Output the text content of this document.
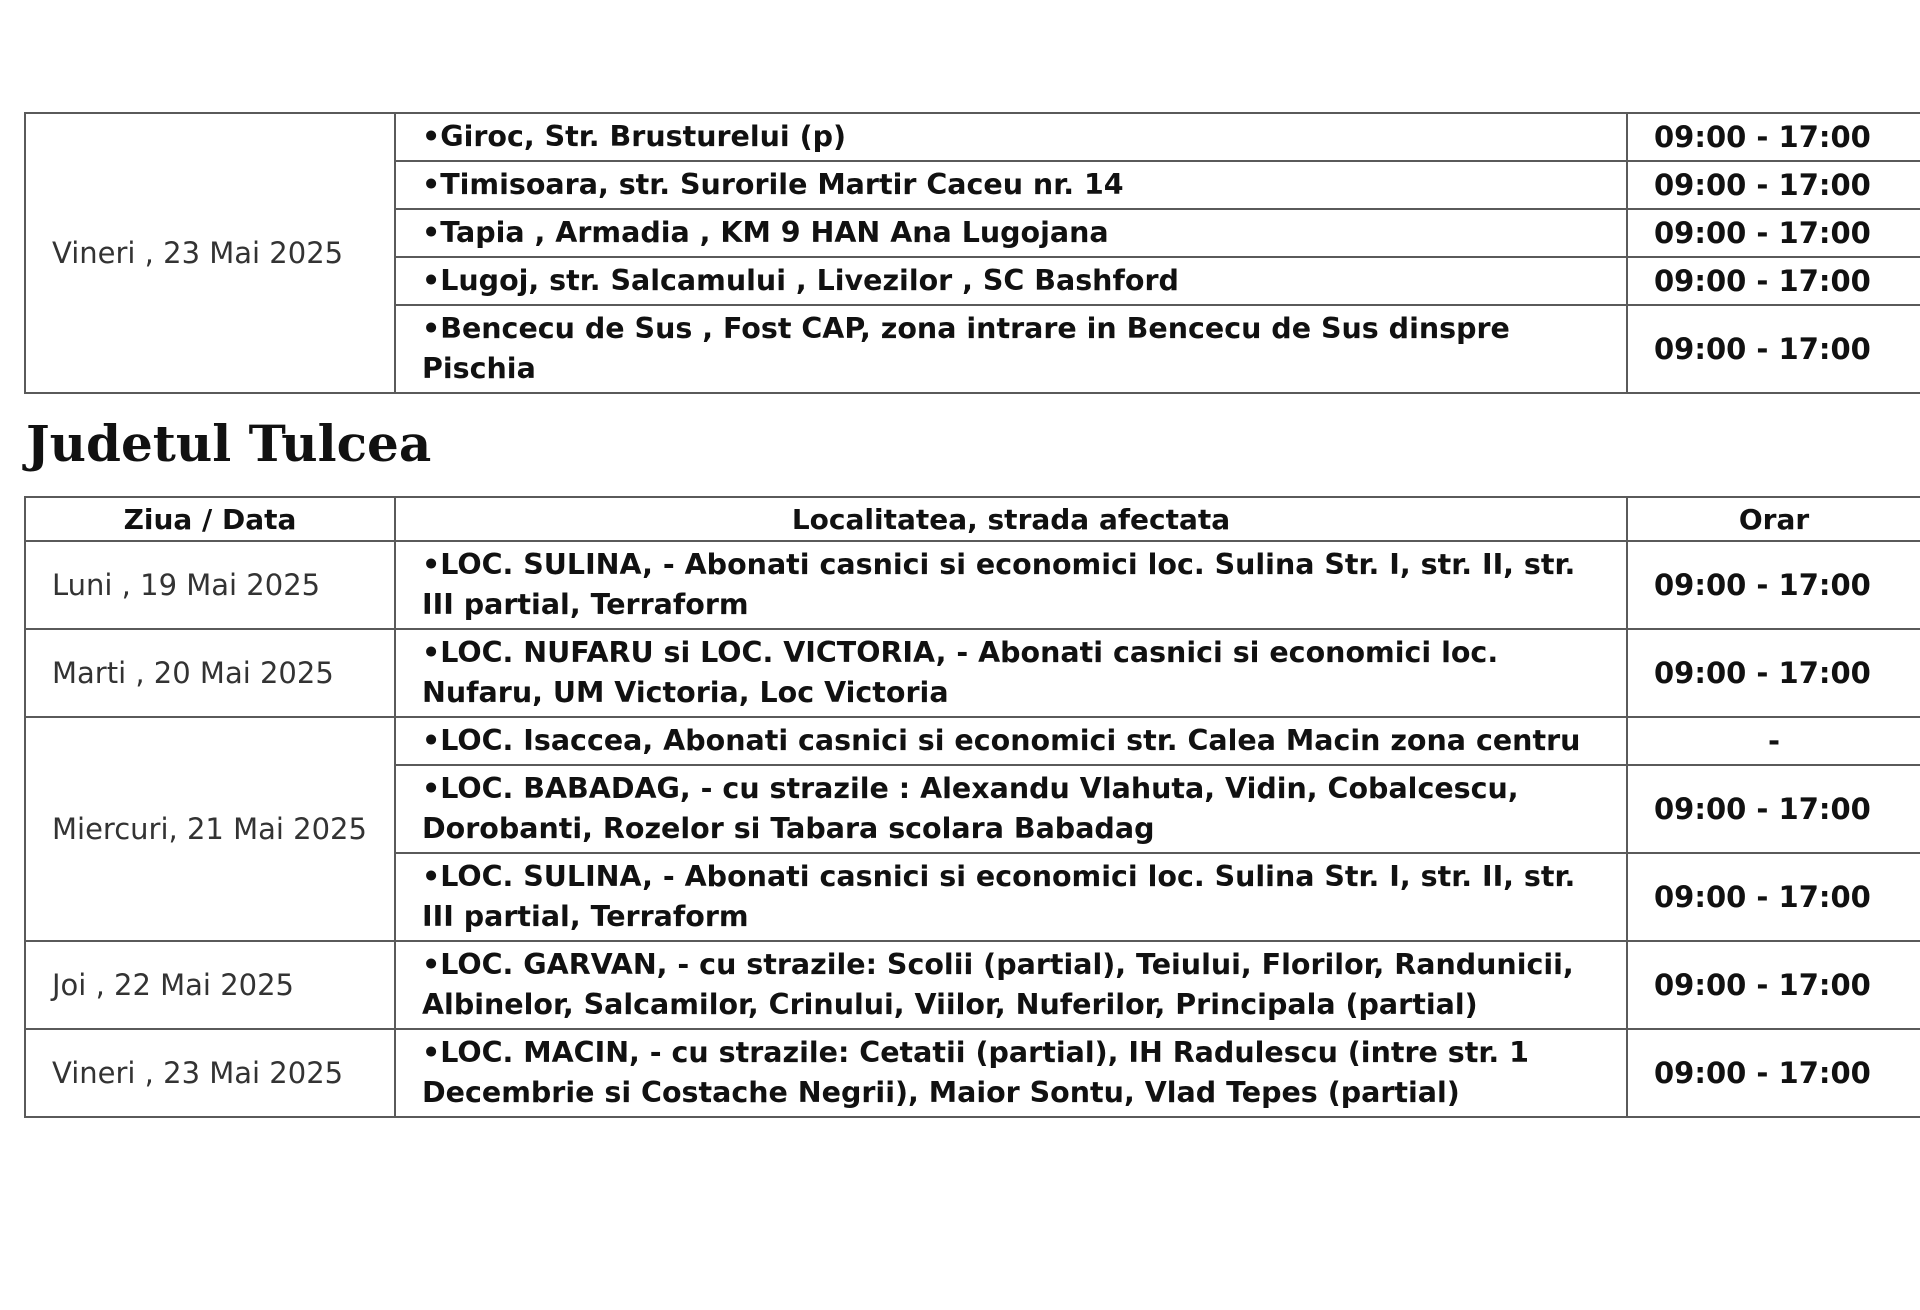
Vineri , 23 Mai 2025	•Giroc, Str. Brusturelui (p)	09:00 - 17:00
	•Timisoara, str. Surorile Martir Caceu nr. 14	09:00 - 17:00
	•Tapia , Armadia , KM 9 HAN Ana Lugojana	09:00 - 17:00
	•Lugoj, str. Salcamului , Livezilor , SC Bashford	09:00 - 17:00
	•Bencecu de Sus , Fost CAP, zona intrare in Bencecu de Sus dinspre Pischia	09:00 - 17:00
Judetul Tulcea
Ziua / Data	Localitatea, strada afectata	Orar
Luni , 19 Mai 2025	•LOC. SULINA, - Abonati casnici si economici loc. Sulina Str. I, str. II, str. III partial, Terraform	09:00 - 17:00
Marti , 20 Mai 2025	•LOC. NUFARU si LOC. VICTORIA, - Abonati casnici si economici loc. Nufaru, UM Victoria, Loc Victoria	09:00 - 17:00
Miercuri, 21 Mai 2025	•LOC. Isaccea, Abonati casnici si economici str. Calea Macin zona centru	-
	•LOC. BABADAG, - cu strazile : Alexandu Vlahuta, Vidin, Cobalcescu, Dorobanti, Rozelor si Tabara scolara Babadag	09:00 - 17:00
	•LOC. SULINA, - Abonati casnici si economici loc. Sulina Str. I, str. II, str. III partial, Terraform	09:00 - 17:00
Joi , 22 Mai 2025	•LOC. GARVAN, - cu strazile: Scolii (partial), Teiului, Florilor, Randunicii, Albinelor, Salcamilor, Crinului, Viilor, Nuferilor, Principala (partial)	09:00 - 17:00
Vineri , 23 Mai 2025	•LOC. MACIN, - cu strazile: Cetatii (partial), IH Radulescu (intre str. 1 Decembrie si Costache Negrii), Maior Sontu, Vlad Tepes (partial)	09:00 - 17:00
